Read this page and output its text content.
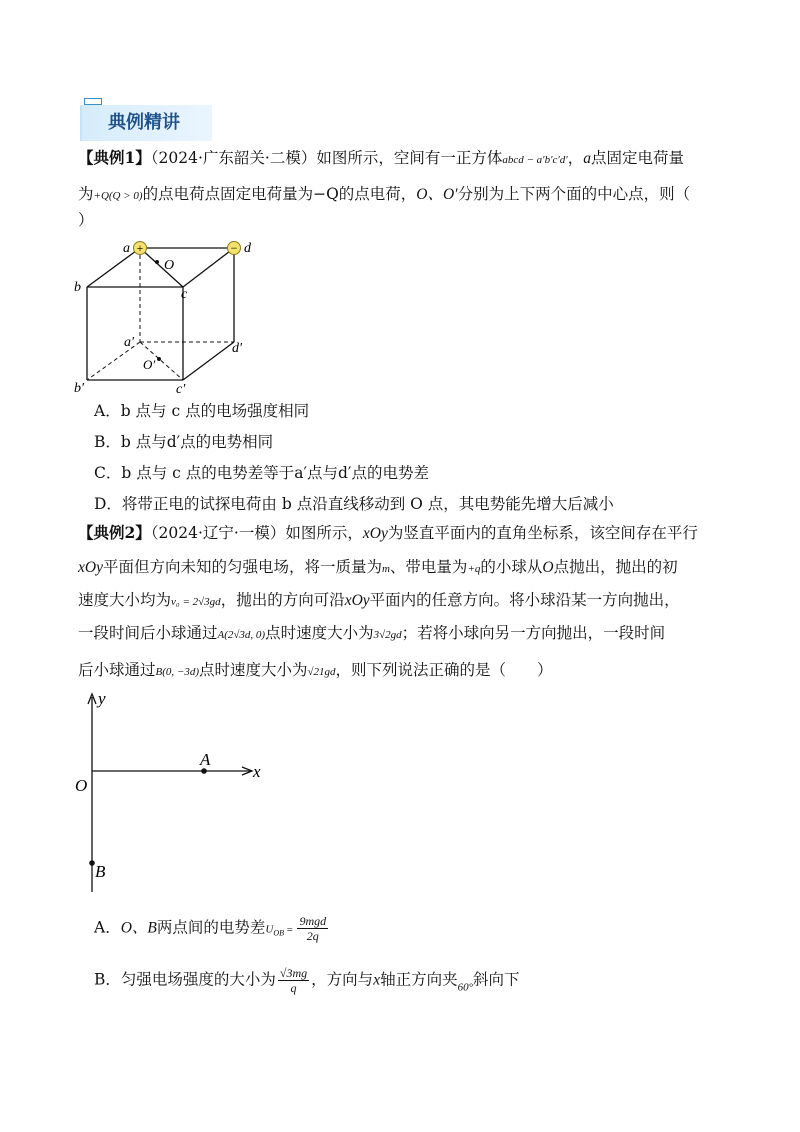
典例精讲
【典例1】（2024·广东韶关·二模）如图所示，空间有一正方体abcd − a′b′c′d′，a点固定电荷量
为+Q(Q > 0)的点电荷点固定电荷量为−Q的点电荷，O、O′分别为上下两个面的中心点，则（
）
+	−
a	d
O
b	c
a′	d′
O′
b′	c′
A．b 点与 c 点的电场强度相同
B．b 点与d′点的电势相同
C．b 点与 c 点的电势差等于a′点与d′点的电势差
D．将带正电的试探电荷由 b 点沿直线移动到 O 点，其电势能先增大后减小
【典例2】（2024·辽宁·一模）如图所示，xOy为竖直平面内的直角坐标系，该空间存在平行
xOy平面但方向未知的匀强电场，将一质量为m、带电量为+q的小球从O点抛出，抛出的初
速度大小均为v₀ = 2√3gd，抛出的方向可沿xOy平面内的任意方向。将小球沿某一方向抛出，
一段时间后小球通过A(2√3d, 0)点时速度大小为3√2gd；若将小球向另一方向抛出，一段时间
后小球通过B(0, −3d)点时速度大小为√21gd，则下列说法正确的是（　　）
y
x
O
A
B
A．O、B两点间的电势差UOB = $\frac{\text{9mgd}}{2q}$
B．匀强电场强度的大小为 $\frac{√3mg}{q}$ ，方向与x轴正方向夹$_{60^\circ}$斜向下
